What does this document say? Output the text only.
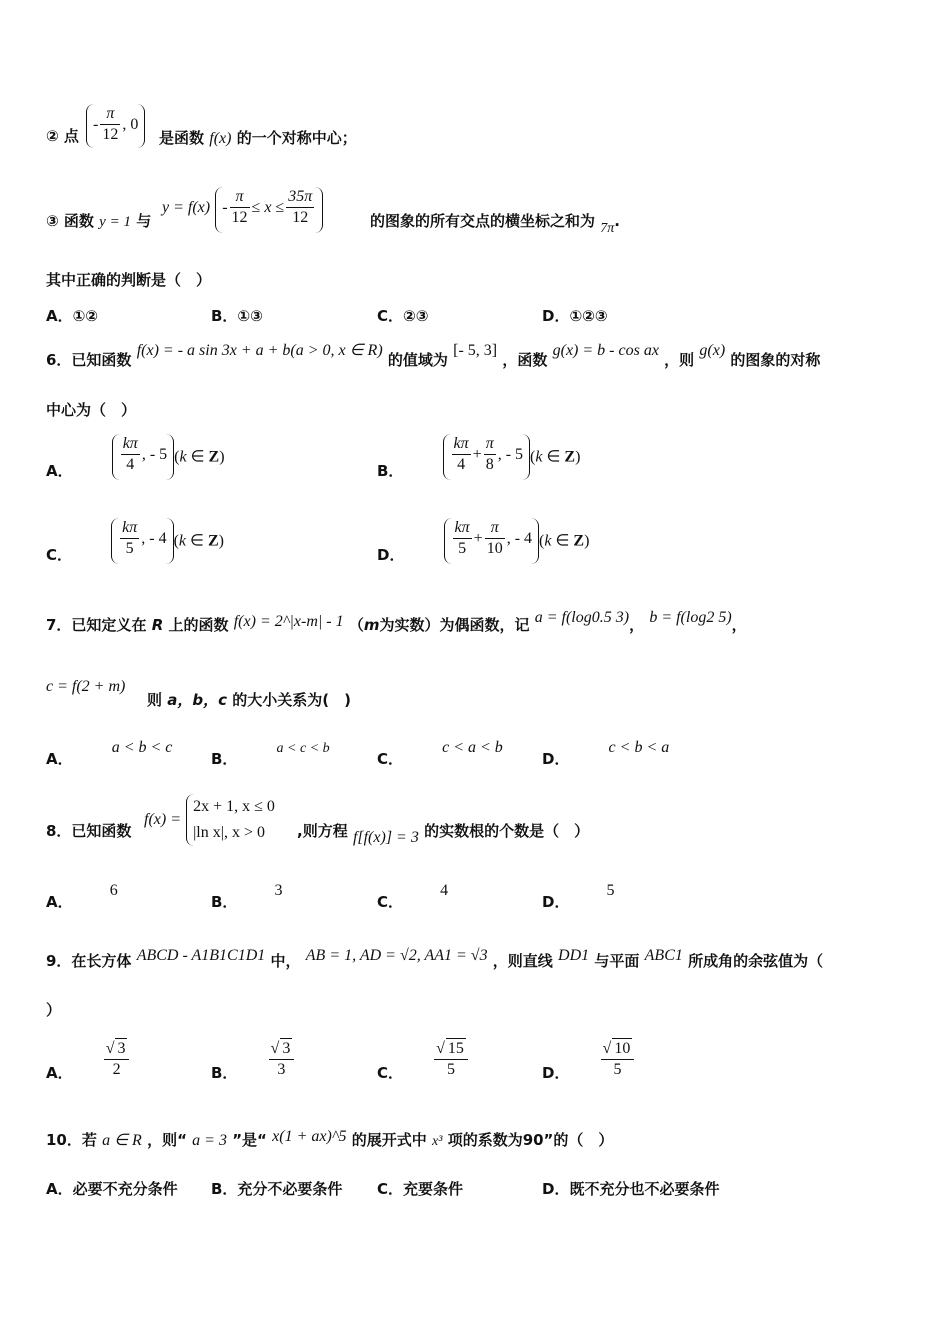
② 点
- $\frac{\pi}{12}$ , 0
是函数 f(x) 的一个对称中心；
③ 函数 y = 1 与
$y = f(x) - \frac{\pi}{12} \le x \le \frac{35\pi}{12}$	的图象的所有交点的横坐标之和为 7π.
其中正确的判断是（　）
A．①②	B．①③	C．②③	D．①②③
6．已知函数 f(x) = - a sin 3x + a + b(a > 0, x ∈ R) 的值域为 [- 5, 3] ，函数 g(x) = b - cos ax ，则 g(x) 的图象的对称
中心为（　）
A．	$\frac{k\pi}{4}$ , - 5 (k ∈ Z)
B．	$\frac{k\pi}{4} + \frac{\pi}{8}$ , - 5 (k ∈ Z)
C．	$\frac{k\pi}{5}$ , - 4 (k ∈ Z)
D．	$\frac{k\pi}{5} + \frac{\pi}{10}$ , - 4 (k ∈ Z)
7．已知定义在 R 上的函数 f(x) = 2^|x-m| - 1 （m为实数）为偶函数，记 a = f(log0.5 3)， b = f(log2 5)，
c = f(2 + m)
则 a，b，c 的大小关系为(　)
A． a < b < c
B． a < c < b
C． c < a < b
D． c < b < a
8．已知函数
f(x) =
2x + 1, x ≤ 0
|ln x|, x > 0	,则方程 f[f(x)] = 3 的实数根的个数是（　）
A． 6
B． 3
C． 4
D． 5
9．在长方体 ABCD - A1B1C1D1 中， AB = 1, AD = √2, AA1 = √3 ，则直线 DD1 与平面 ABC1 所成角的余弦值为（
）
A． $\frac{√ 3}{2}$	B． $\frac{√ 3}{3}$	C． $\frac{√ 15}{5}$	D． $\frac{√ 10}{5}$
10．若 a ∈ R ，则“ a = 3 ”是“ x(1 + ax)^5 的展开式中 x³ 项的系数为90”的（　）
A．必要不充分条件 B．充分不必要条件 C．充要条件	D．既不充分也不必要条件
